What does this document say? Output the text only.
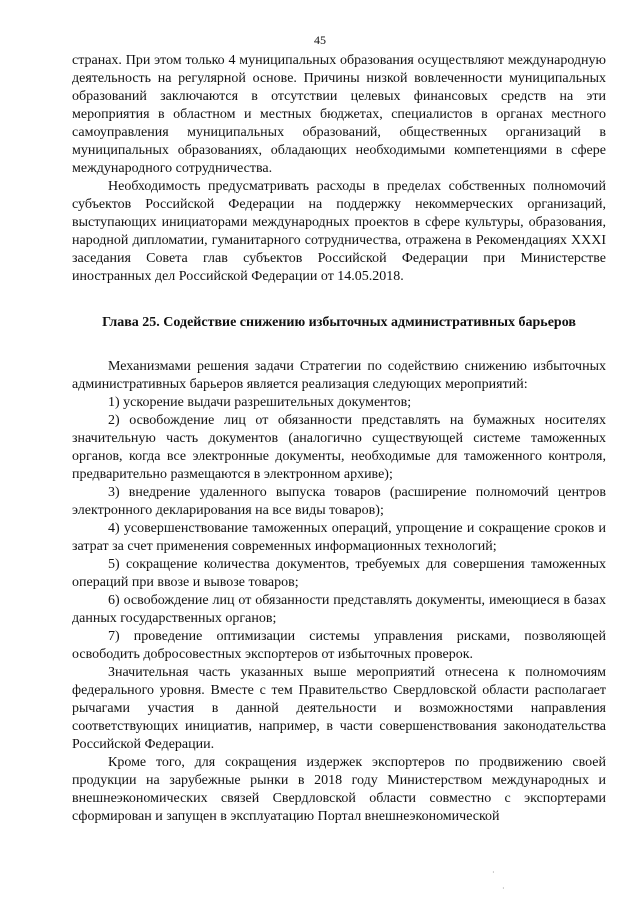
45

странах. При этом только 4 муниципальных образования осуществляют международную деятельность на регулярной основе. Причины низкой вовлеченности муниципальных образований заключаются в отсутствии целевых финансовых средств на эти мероприятия в областном и местных бюджетах, специалистов в органах местного самоуправления муниципальных образований, общественных организаций в муниципальных образованиях, обладающих необходимыми компетенциями в сфере международного сотрудничества.

Необходимость предусматривать расходы в пределах собственных полномочий субъектов Российской Федерации на поддержку некоммерческих организаций, выступающих инициаторами международных проектов в сфере культуры, образования, народной дипломатии, гуманитарного сотрудничества, отражена в Рекомендациях XXXI заседания Совета глав субъектов Российской Федерации при Министерстве иностранных дел Российской Федерации от 14.05.2018.

Глава 25. Содействие снижению избыточных административных барьеров

Механизмами решения задачи Стратегии по содействию снижению избыточных административных барьеров является реализация следующих мероприятий:

1) ускорение выдачи разрешительных документов;

2) освобождение лиц от обязанности представлять на бумажных носителях значительную часть документов (аналогично существующей системе таможенных органов, когда все электронные документы, необходимые для таможенного контроля, предварительно размещаются в электронном архиве);

3) внедрение удаленного выпуска товаров (расширение полномочий центров электронного декларирования на все виды товаров);

4) усовершенствование таможенных операций, упрощение и сокращение сроков и затрат за счет применения современных информационных технологий;

5) сокращение количества документов, требуемых для совершения таможенных операций при ввозе и вывозе товаров;

6) освобождение лиц от обязанности представлять документы, имеющиеся в базах данных государственных органов;

7) проведение оптимизации системы управления рисками, позволяющей освободить добросовестных экспортеров от избыточных проверок.

Значительная часть указанных выше мероприятий отнесена к полномочиям федерального уровня. Вместе с тем Правительство Свердловской области располагает рычагами участия в данной деятельности и возможностями направления соответствующих инициатив, например, в части совершенствования законодательства Российской Федерации.

Кроме того, для сокращения издержек экспортеров по продвижению своей продукции на зарубежные рынки в 2018 году Министерством международных и внешнеэкономических связей Свердловской области совместно с экспортерами сформирован и запущен в эксплуатацию Портал внешнеэкономической

·
·
